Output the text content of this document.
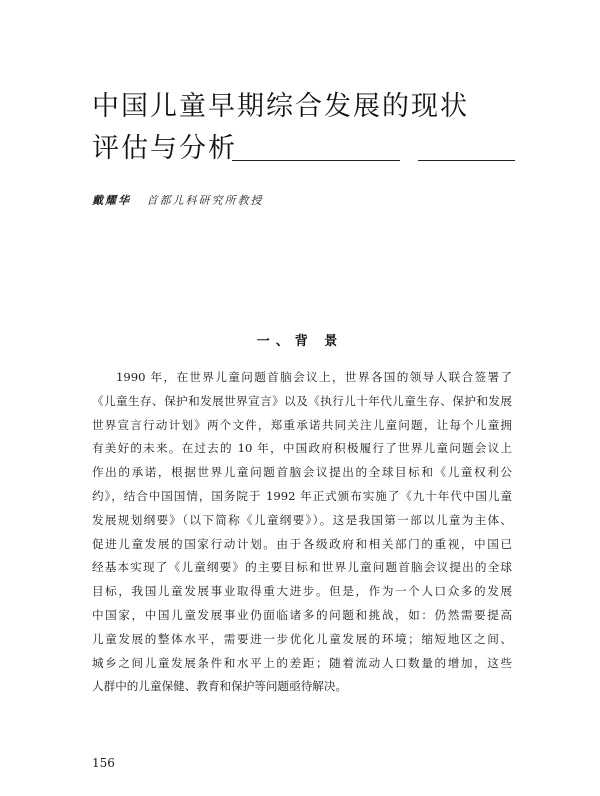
中国儿童早期综合发展的现状
评估与分析
戴耀华 首都儿科研究所教授
一、背 景
1990 年，在世界儿童问题首脑会议上，世界各国的领导人联合签署了
《儿童生存、保护和发展世界宣言》以及《执行儿十年代儿童生存、保护和发展
世界宣言行动计划》两个文件，郑重承诺共同关注儿童问题，让每个儿童拥
有美好的未来。在过去的 10 年，中国政府积极履行了世界儿童问题会议上
作出的承诺，根据世界儿童问题首脑会议提出的全球目标和《儿童权利公
约》，结合中国国情，国务院于 1992 年正式颁布实施了《九十年代中国儿童
发展规划纲要》（以下简称《儿童纲要》）。这是我国第一部以儿童为主体、
促进儿童发展的国家行动计划。由于各级政府和相关部门的重视，中国已
经基本实现了《儿童纲要》的主要目标和世界儿童问题首脑会议提出的全球
目标，我国儿童发展事业取得重大进步。但是，作为一个人口众多的发展
中国家，中国儿童发展事业仍面临诸多的问题和挑战，如：仍然需要提高
儿童发展的整体水平，需要进一步优化儿童发展的环境；缩短地区之间、
城乡之间儿童发展条件和水平上的差距；随着流动人口数量的增加，这些
人群中的儿童保健、教育和保护等问题亟待解决。
156
